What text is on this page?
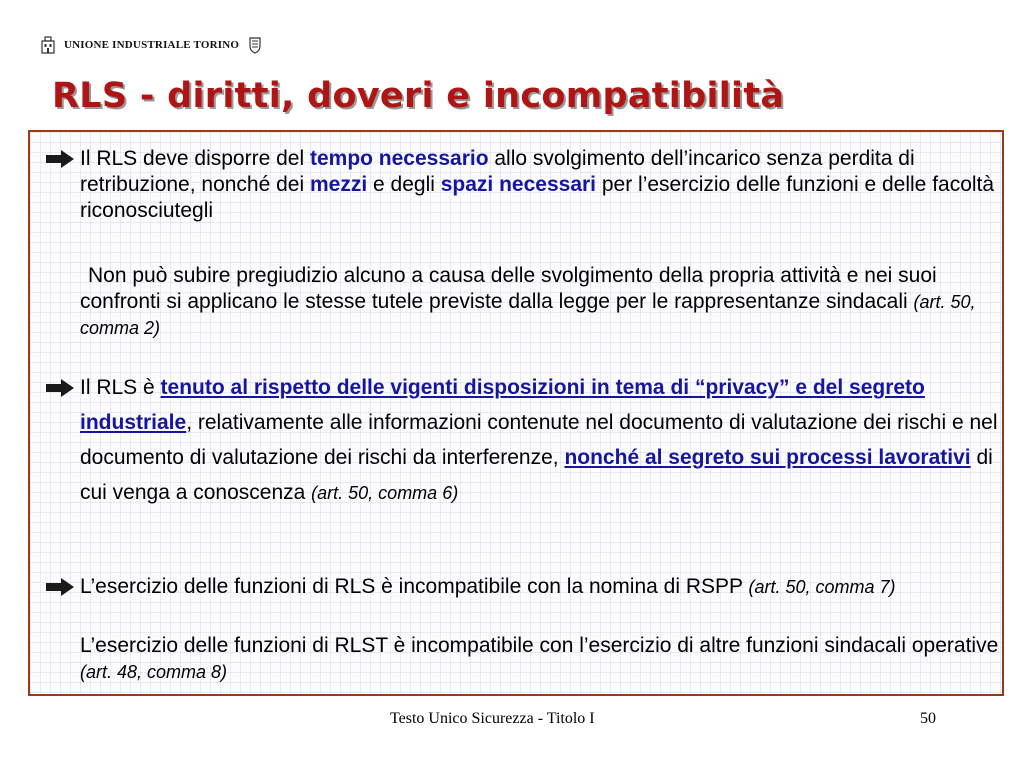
UNIONE INDUSTRIALE TORINO
RLS - diritti, doveri e incompatibilità

Il RLS deve disporre del tempo necessario allo svolgimento dell’incarico senza perdita di retribuzione, nonché dei mezzi e degli spazi necessari per l’esercizio delle funzioni e delle facoltà riconosciutegli

Non può subire pregiudizio alcuno a causa delle svolgimento della propria attività e nei suoi confronti si applicano le stesse tutele previste dalla legge per le rappresentanze sindacali (art. 50, comma 2)

Il RLS è tenuto al rispetto delle vigenti disposizioni in tema di “privacy” e del segreto industriale, relativamente alle informazioni contenute nel documento di valutazione dei rischi e nel documento di valutazione dei rischi da interferenze, nonché al segreto sui processi lavorativi di cui venga a conoscenza (art. 50, comma 6)

L’esercizio delle funzioni di RLS è incompatibile con la nomina di RSPP (art. 50, comma 7)

L’esercizio delle funzioni di RLST è incompatibile con l’esercizio di altre funzioni sindacali operative (art. 48, comma 8)

Testo Unico Sicurezza - Titolo I	50
